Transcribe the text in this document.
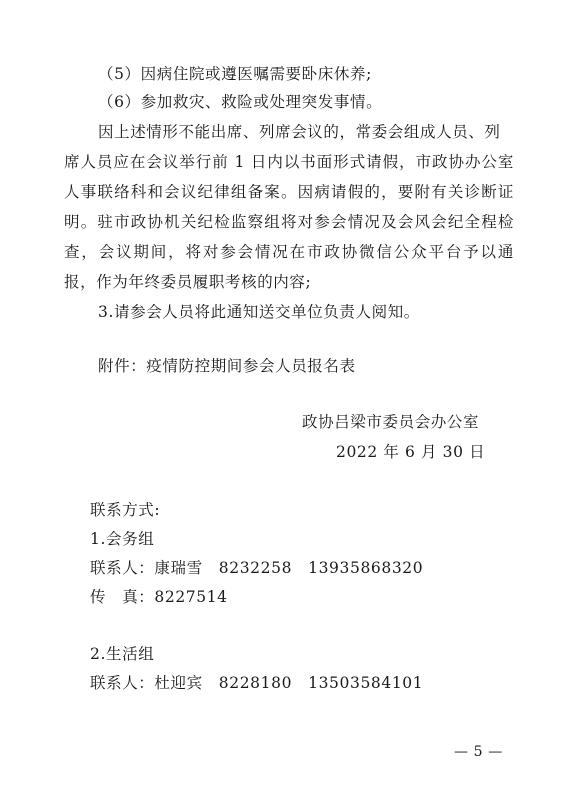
（5）因病住院或遵医嘱需要卧床休养;
（6）参加救灾、救险或处理突发事情。
因上述情形不能出席、列席会议的，常委会组成人员、列
席人员应在会议举行前 1 日内以书面形式请假，市政协办公室
人事联络科和会议纪律组备案。因病请假的，要附有关诊断证
明。驻市政协机关纪检监察组将对参会情况及会风会纪全程检
查，会议期间，将对参会情况在市政协微信公众平台予以通
报，作为年终委员履职考核的内容;
3.请参会人员将此通知送交单位负责人阅知。
附件：疫情防控期间参会人员报名表
政协吕梁市委员会办公室
2022 年 6 月 30 日
联系方式:
1.会务组
联系人：康瑞雪　8232258　13935868320
传　真：8227514
2.生活组
联系人：杜迎宾　8228180　13503584101
— 5 —
